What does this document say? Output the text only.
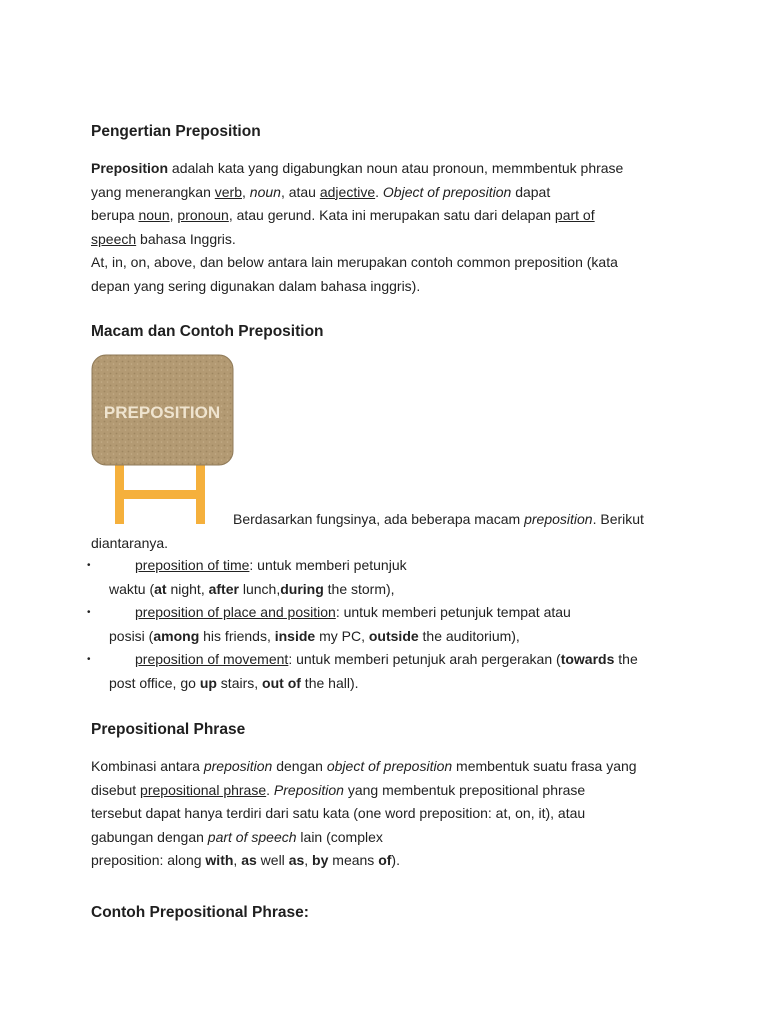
Pengertian Preposition
Preposition adalah kata yang digabungkan noun atau pronoun, memmbentuk phrase
yang menerangkan verb, noun, atau adjective. Object of preposition dapat
berupa noun, pronoun, atau gerund. Kata ini merupakan satu dari delapan part of
speech bahasa Inggris.
At, in, on, above, dan below antara lain merupakan contoh common preposition (kata
depan yang sering digunakan dalam bahasa inggris).
Macam dan Contoh Preposition
PREPOSITION
Berdasarkan fungsinya, ada beberapa macam preposition. Berikut
diantaranya.
•	preposition of time: untuk memberi petunjuk
waktu (at night, after lunch,during the storm),
•	preposition of place and position: untuk memberi petunjuk tempat atau
posisi (among his friends, inside my PC, outside the auditorium),
•	preposition of movement: untuk memberi petunjuk arah pergerakan (towards the
post office, go up stairs, out of the hall).
Prepositional Phrase
Kombinasi antara preposition dengan object of preposition membentuk suatu frasa yang
disebut prepositional phrase. Preposition yang membentuk prepositional phrase
tersebut dapat hanya terdiri dari satu kata (one word preposition: at, on, it), atau
gabungan dengan part of speech lain (complex
preposition: along with, as well as, by means of).
Contoh Prepositional Phrase:
